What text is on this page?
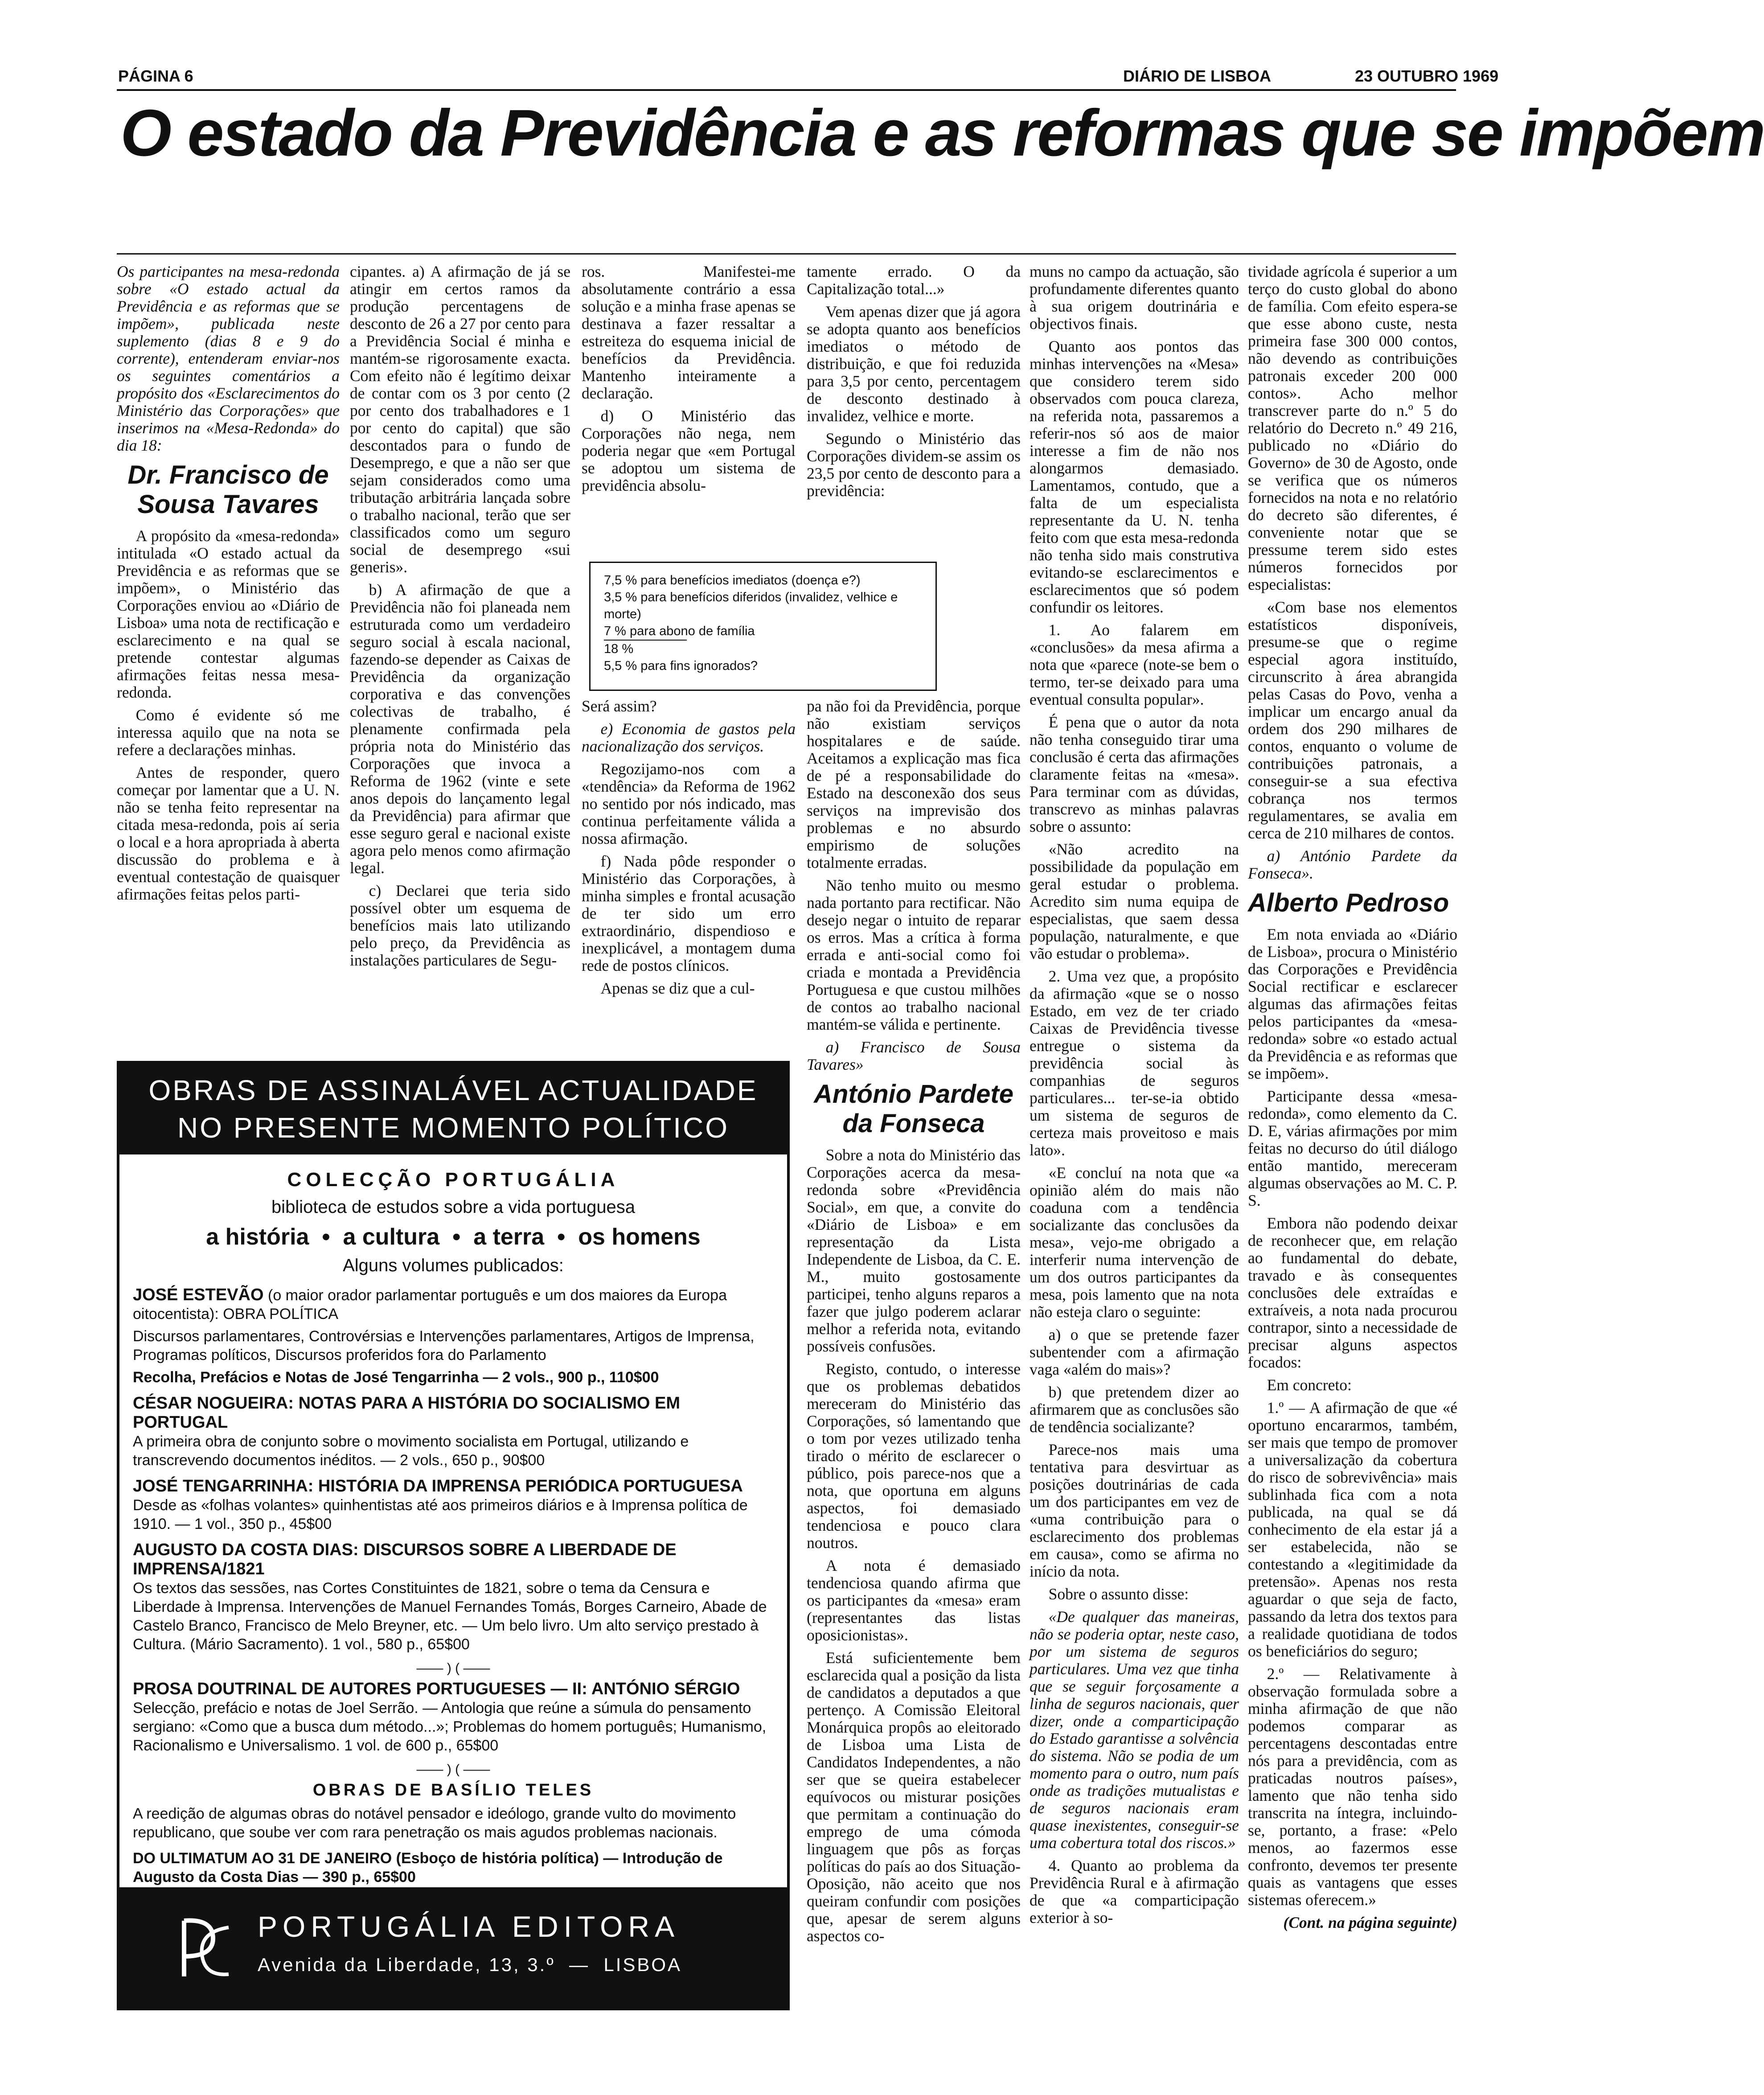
PÁGINA 6	DIÁRIO DE LISBOA	23 OUTUBRO 1969
O estado da Previdência e as reformas que se impõem

Os participantes na mesa-redonda sobre «O estado actual da Previdência e as reformas que se impõem», publicada neste suplemento (dias 8 e 9 do corrente), entenderam enviar-nos os seguintes comentários a propósito dos «Esclarecimentos do Ministério das Corporações» que inserimos na «Mesa-Redonda» do dia 18:

Dr. Francisco de Sousa Tavares

A propósito da «mesa-redonda» intitulada «O estado actual da Previdência e as reformas que se impõem», o Ministério das Corporações enviou ao «Diário de Lisboa» uma nota de rectificação e esclarecimento e na qual se pretende contestar algumas afirmações feitas nessa mesa-redonda.

Como é evidente só me interessa aquilo que na nota se refere a declarações minhas.

Antes de responder, quero começar por lamentar que a U. N. não se tenha feito representar na citada mesa-redonda, pois aí seria o local e a hora apropriada à aberta discussão do problema e à eventual contestação de quaisquer afirmações feitas pelos parti-

cipantes. a) A afirmação de já se atingir em certos ramos da produção percentagens de desconto de 26 a 27 por cento para a Previdência Social é minha e mantém-se rigorosamente exacta. Com efeito não é legítimo deixar de contar com os 3 por cento (2 por cento dos trabalhadores e 1 por cento do capital) que são descontados para o fundo de Desemprego, e que a não ser que sejam considerados como uma tributação arbitrária lançada sobre o trabalho nacional, terão que ser classificados como um seguro social de desemprego «sui generis».

b) A afirmação de que a Previdência não foi planeada nem estruturada como um verdadeiro seguro social à escala nacional, fazendo-se depender as Caixas de Previdência da organização corporativa e das convenções colectivas de trabalho, é plenamente confirmada pela própria nota do Ministério das Corporações que invoca a Reforma de 1962 (vinte e sete anos depois do lançamento legal da Previdência) para afirmar que esse seguro geral e nacional existe agora pelo menos como afirmação legal.

c) Declarei que teria sido possível obter um esquema de benefícios mais lato utilizando pelo preço, da Previdência as instalações particulares de Segu-

ros. Manifestei-me absolutamente contrário a essa solução e a minha frase apenas se destinava a fazer ressaltar a estreiteza do esquema inicial de benefícios da Previdência. Mantenho inteiramente a declaração.

d) O Ministério das Corporações não nega, nem poderia negar que «em Portugal se adoptou um sistema de previdência absolu-

7,5 % para benefícios imediatos (doença e?)

3,5 % para benefícios diferidos (invalidez, velhice e morte)

7 % para abono de família

18 %

5,5 % para fins ignorados?

Será assim?

e) Economia de gastos pela nacionalização dos serviços.

Regozijamo-nos com a «tendência» da Reforma de 1962 no sentido por nós indicado, mas continua perfeitamente válida a nossa afirmação.

f) Nada pôde responder o Ministério das Corporações, à minha simples e frontal acusação de ter sido um erro extraordinário, dispendioso e inexplicável, a montagem duma rede de postos clínicos.

Apenas se diz que a cul-

tamente errado. O da Capitalização total...»

Vem apenas dizer que já agora se adopta quanto aos benefícios imediatos o método de distribuição, e que foi reduzida para 3,5 por cento, percentagem de desconto destinado à invalidez, velhice e morte.

Segundo o Ministério das Corporações dividem-se assim os 23,5 por cento de desconto para a previdência:

pa não foi da Previdência, porque não existiam serviços hospitalares e de saúde. Aceitamos a explicação mas fica de pé a responsabilidade do Estado na desconexão dos seus serviços na imprevisão dos problemas e no absurdo empirismo de soluções totalmente erradas.

Não tenho muito ou mesmo nada portanto para rectificar. Não desejo negar o intuito de reparar os erros. Mas a crítica à forma errada e anti-social como foi criada e montada a Previdência Portuguesa e que custou milhões de contos ao trabalho nacional mantém-se válida e pertinente.

a) Francisco de Sousa Tavares»

António Pardete da Fonseca

Sobre a nota do Ministério das Corporações acerca da mesa-redonda sobre «Previdência Social», em que, a convite do «Diário de Lisboa» e em representação da Lista Independente de Lisboa, da C. E. M., muito gostosamente participei, tenho alguns reparos a fazer que julgo poderem aclarar melhor a referida nota, evitando possíveis confusões.

Registo, contudo, o interesse que os problemas debatidos mereceram do Ministério das Corporações, só lamentando que o tom por vezes utilizado tenha tirado o mérito de esclarecer o público, pois parece-nos que a nota, que oportuna em alguns aspectos, foi demasiado tendenciosa e pouco clara noutros.

A nota é demasiado tendenciosa quando afirma que os participantes da «mesa» eram (representantes das listas oposicionistas».

Está suficientemente bem esclarecida qual a posição da lista de candidatos a deputados a que pertenço. A Comissão Eleitoral Monárquica propôs ao eleitorado de Lisboa uma Lista de Candidatos Independentes, a não ser que se queira estabelecer equívocos ou misturar posições que permitam a continuação do emprego de uma cómoda linguagem que pôs as forças políticas do país ao dos Situação-Oposição, não aceito que nos queiram confundir com posições que, apesar de serem alguns aspectos co-

muns no campo da actuação, são profundamente diferentes quanto à sua origem doutrinária e objectivos finais.

Quanto aos pontos das minhas intervenções na «Mesa» que considero terem sido observados com pouca clareza, na referida nota, passaremos a referir-nos só aos de maior interesse a fim de não nos alongarmos demasiado. Lamentamos, contudo, que a falta de um especialista representante da U. N. tenha feito com que esta mesa-redonda não tenha sido mais construtiva evitando-se esclarecimentos e esclarecimentos que só podem confundir os leitores.

1. Ao falarem em «conclusões» da mesa afirma a nota que «parece (note-se bem o termo, ter-se deixado para uma eventual consulta popular».

É pena que o autor da nota não tenha conseguido tirar uma conclusão é certa das afirmações claramente feitas na «mesa». Para terminar com as dúvidas, transcrevo as minhas palavras sobre o assunto:

«Não acredito na possibilidade da população em geral estudar o problema. Acredito sim numa equipa de especialistas, que saem dessa população, naturalmente, e que vão estudar o problema».

2. Uma vez que, a propósito da afirmação «que se o nosso Estado, em vez de ter criado Caixas de Previdência tivesse entregue o sistema da previdência social às companhias de seguros particulares... ter-se-ia obtido um sistema de seguros de certeza mais proveitoso e mais lato».

«E concluí na nota que «a opinião além do mais não coaduna com a tendência socializante das conclusões da mesa», vejo-me obrigado a interferir numa intervenção de um dos outros participantes da mesa, pois lamento que na nota não esteja claro o seguinte:

a) o que se pretende fazer subentender com a afirmação vaga «além do mais»?

b) que pretendem dizer ao afirmarem que as conclusões são de tendência socializante?

Parece-nos mais uma tentativa para desvirtuar as posições doutrinárias de cada um dos participantes em vez de «uma contribuição para o esclarecimento dos problemas em causa», como se afirma no início da nota.

Sobre o assunto disse:

«De qualquer das maneiras, não se poderia optar, neste caso, por um sistema de seguros particulares. Uma vez que tinha que se seguir forçosamente a linha de seguros nacionais, quer dizer, onde a comparticipação do Estado garantisse a solvência do sistema. Não se podia de um momento para o outro, num país onde as tradições mutualistas e de seguros nacionais eram quase inexistentes, conseguir-se uma cobertura total dos riscos.»

4. Quanto ao problema da Previdência Rural e à afirmação de que «a comparticipação exterior à so-

tividade agrícola é superior a um terço do custo global do abono de família. Com efeito espera-se que esse abono custe, nesta primeira fase 300 000 contos, não devendo as contribuições patronais exceder 200 000 contos». Acho melhor transcrever parte do n.º 5 do relatório do Decreto n.º 49 216, publicado no «Diário do Governo» de 30 de Agosto, onde se verifica que os números fornecidos na nota e no relatório do decreto são diferentes, é conveniente notar que se pressume terem sido estes números fornecidos por especialistas:

«Com base nos elementos estatísticos disponíveis, presume-se que o regime especial agora instituído, circunscrito à área abrangida pelas Casas do Povo, venha a implicar um encargo anual da ordem dos 290 milhares de contos, enquanto o volume de contribuições patronais, a conseguir-se a sua efectiva cobrança nos termos regulamentares, se avalia em cerca de 210 milhares de contos.

a) António Pardete da Fonseca».

Alberto Pedroso

Em nota enviada ao «Diário de Lisboa», procura o Ministério das Corporações e Previdência Social rectificar e esclarecer algumas das afirmações feitas pelos participantes da «mesa-redonda» sobre «o estado actual da Previdência e as reformas que se impõem».

Participante dessa «mesa-redonda», como elemento da C. D. E, várias afirmações por mim feitas no decurso do útil diálogo então mantido, mereceram algumas observações ao M. C. P. S.

Embora não podendo deixar de reconhecer que, em relação ao fundamental do debate, travado e às consequentes conclusões dele extraídas e extraíveis, a nota nada procurou contrapor, sinto a necessidade de precisar alguns aspectos focados:

Em concreto:

1.º — A afirmação de que «é oportuno encararmos, também, ser mais que tempo de promover a universalização da cobertura do risco de sobrevivência» mais sublinhada fica com a nota publicada, na qual se dá conhecimento de ela estar já a ser estabelecida, não se contestando a «legitimidade da pretensão». Apenas nos resta aguardar o que seja de facto, passando da letra dos textos para a realidade quotidiana de todos os beneficiários do seguro;

2.º — Relativamente à observação formulada sobre a minha afirmação de que não podemos comparar as percentagens descontadas entre nós para a previdência, com as praticadas noutros países», lamento que não tenha sido transcrita na íntegra, incluindo-se, portanto, a frase: «Pelo menos, ao fazermos esse confronto, devemos ter presente quais as vantagens que esses sistemas oferecem.»

(Cont. na página seguinte)

OBRAS DE ASSINALÁVEL ACTUALIDADE
NO PRESENTE MOMENTO POLÍTICO
COLECÇÃO PORTUGÁLIA
biblioteca de estudos sobre a vida portuguesa
a história  •  a cultura  •  a terra  •  os homens
Alguns volumes publicados:
JOSÉ ESTEVÃO (o maior orador parlamentar português e um dos maiores da Europa oitocentista): OBRA POLÍTICA
Discursos parlamentares, Controvérsias e Intervenções parlamentares, Artigos de Imprensa, Programas políticos, Discursos proferidos fora do Parlamento
Recolha, Prefácios e Notas de José Tengarrinha — 2 vols., 900 p., 110$00
CÉSAR NOGUEIRA: NOTAS PARA A HISTÓRIA DO SOCIALISMO EM PORTUGAL
A primeira obra de conjunto sobre o movimento socialista em Portugal, utilizando e transcrevendo documentos inéditos. — 2 vols., 650 p., 90$00
JOSÉ TENGARRINHA: HISTÓRIA DA IMPRENSA PERIÓDICA PORTUGUESA
Desde as «folhas volantes» quinhentistas até aos primeiros diários e à Imprensa política de 1910. — 1 vol., 350 p., 45$00
AUGUSTO DA COSTA DIAS: DISCURSOS SOBRE A LIBERDADE DE IMPRENSA/1821
Os textos das sessões, nas Cortes Constituintes de 1821, sobre o tema da Censura e Liberdade à Imprensa. Intervenções de Manuel Fernandes Tomás, Borges Carneiro, Abade de Castelo Branco, Francisco de Melo Breyner, etc. — Um belo livro. Um alto serviço prestado à Cultura. (Mário Sacramento). 1 vol., 580 p., 65$00
—— ) ( ——
PROSA DOUTRINAL DE AUTORES PORTUGUESES — II: ANTÓNIO SÉRGIO
Selecção, prefácio e notas de Joel Serrão. — Antologia que reúne a súmula do pensamento sergiano: «Como que a busca dum método...»; Problemas do homem português; Humanismo, Racionalismo e Universalismo. 1 vol. de 600 p., 65$00
—— ) ( ——
OBRAS DE BASÍLIO TELES
A reedição de algumas obras do notável pensador e ideólogo, grande vulto do movimento republicano, que soube ver com rara penetração os mais agudos problemas nacionais.
DO ULTIMATUM AO 31 DE JANEIRO (Esboço de história política) — Introdução de Augusto da Costa Dias — 390 p., 65$00
PORTUGÁLIA EDITORA
Avenida da Liberdade, 13, 3.º  —  LISBOA
